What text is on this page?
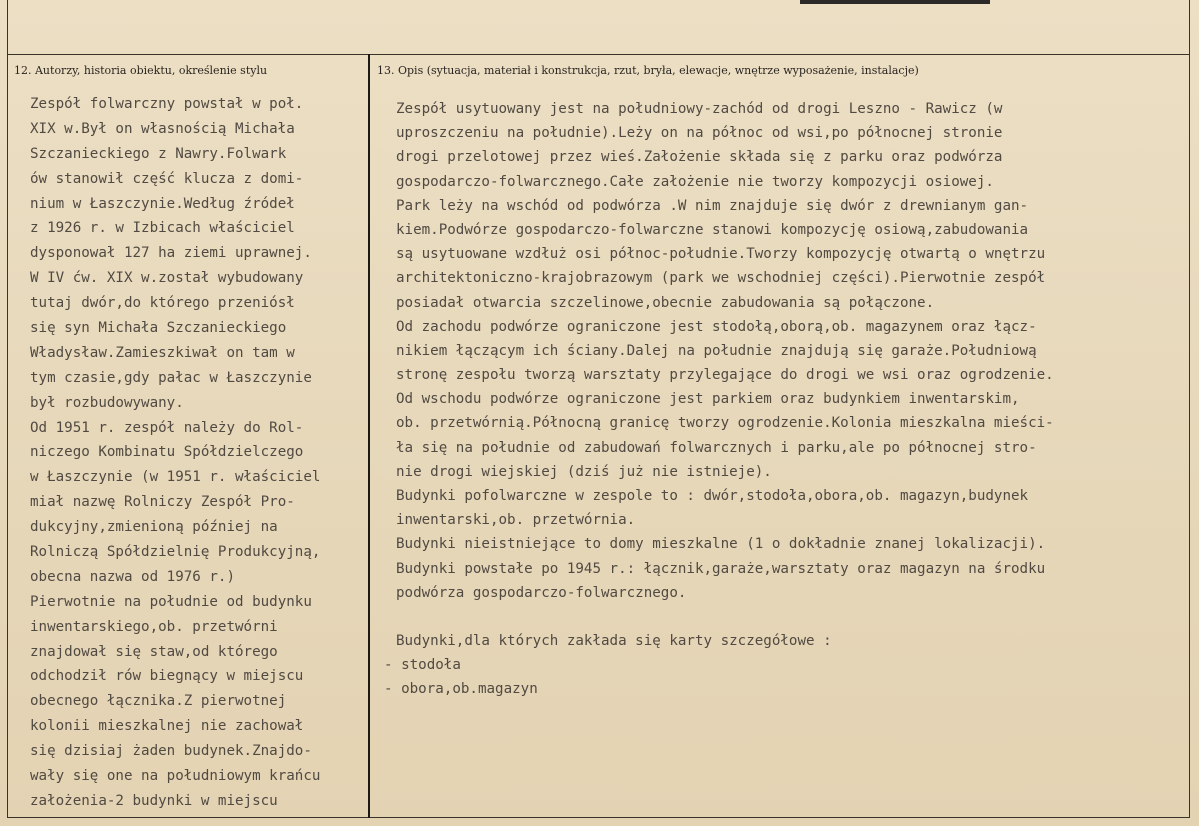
12. Autorzy, historia obiektu, określenie stylu	13. Opis (sytuacja, materiał i konstrukcja, rzut, bryła, elewacje, wnętrze wyposażenie, instalacje)
Zespół folwarczny powstał w poł.
XIX w.Był on własnością Michała
Szczanieckiego z Nawry.Folwark
ów stanowił część klucza z domi-
nium w Łaszczynie.Według źródeł
z 1926 r. w Izbicach właściciel
dysponował 127 ha ziemi uprawnej.
W IV ćw. XIX w.został wybudowany
tutaj dwór,do którego przeniósł
się syn Michała Szczanieckiego
Władysław.Zamieszkiwał on tam w
tym czasie,gdy pałac w Łaszczynie
był rozbudowywany.
Od 1951 r. zespół należy do Rol-
niczego Kombinatu Spółdzielczego
w Łaszczynie (w 1951 r. właściciel
miał nazwę Rolniczy Zespół Pro-
dukcyjny,zmienioną później na
Rolniczą Spółdzielnię Produkcyjną,
obecna nazwa od 1976 r.)
Pierwotnie na południe od budynku
inwentarskiego,ob. przetwórni
znajdował się staw,od którego
odchodził rów biegnący w miejscu
obecnego łącznika.Z pierwotnej
kolonii mieszkalnej nie zachował
się dzisiaj żaden budynek.Znajdo-
wały się one na południowym krańcu
założenia-2 budynki w miejscu
Zespół usytuowany jest na południowy-zachód od drogi Leszno - Rawicz (w
uproszczeniu na południe).Leży on na północ od wsi,po północnej stronie
drogi przelotowej przez wieś.Założenie składa się z parku oraz podwórza
gospodarczo-folwarcznego.Całe założenie nie tworzy kompozycji osiowej.
Park leży na wschód od podwórza .W nim znajduje się dwór z drewnianym gan-
kiem.Podwórze gospodarczo-folwarczne stanowi kompozycję osiową,zabudowania
są usytuowane wzdłuż osi północ-południe.Tworzy kompozycję otwartą o wnętrzu
architektoniczno-krajobrazowym (park we wschodniej części).Pierwotnie zespół
posiadał otwarcia szczelinowe,obecnie zabudowania są połączone.
Od zachodu podwórze ograniczone jest stodołą,oborą,ob. magazynem oraz łącz-
nikiem łączącym ich ściany.Dalej na południe znajdują się garaże.Południową
stronę zespołu tworzą warsztaty przylegające do drogi we wsi oraz ogrodzenie.
Od wschodu podwórze ograniczone jest parkiem oraz budynkiem inwentarskim,
ob. przetwórnią.Północną granicę tworzy ogrodzenie.Kolonia mieszkalna mieści-
ła się na południe od zabudowań folwarcznych i parku,ale po północnej stro-
nie drogi wiejskiej (dziś już nie istnieje).
Budynki pofolwarczne w zespole to : dwór,stodoła,obora,ob. magazyn,budynek
inwentarski,ob. przetwórnia.
Budynki nieistniejące to domy mieszkalne (1 o dokładnie znanej lokalizacji).
Budynki powstałe po 1945 r.: łącznik,garaże,warsztaty oraz magazyn na środku
podwórza gospodarczo-folwarcznego.
Budynki,dla których zakłada się karty szczegółowe :
- stodoła
- obora,ob.magazyn
